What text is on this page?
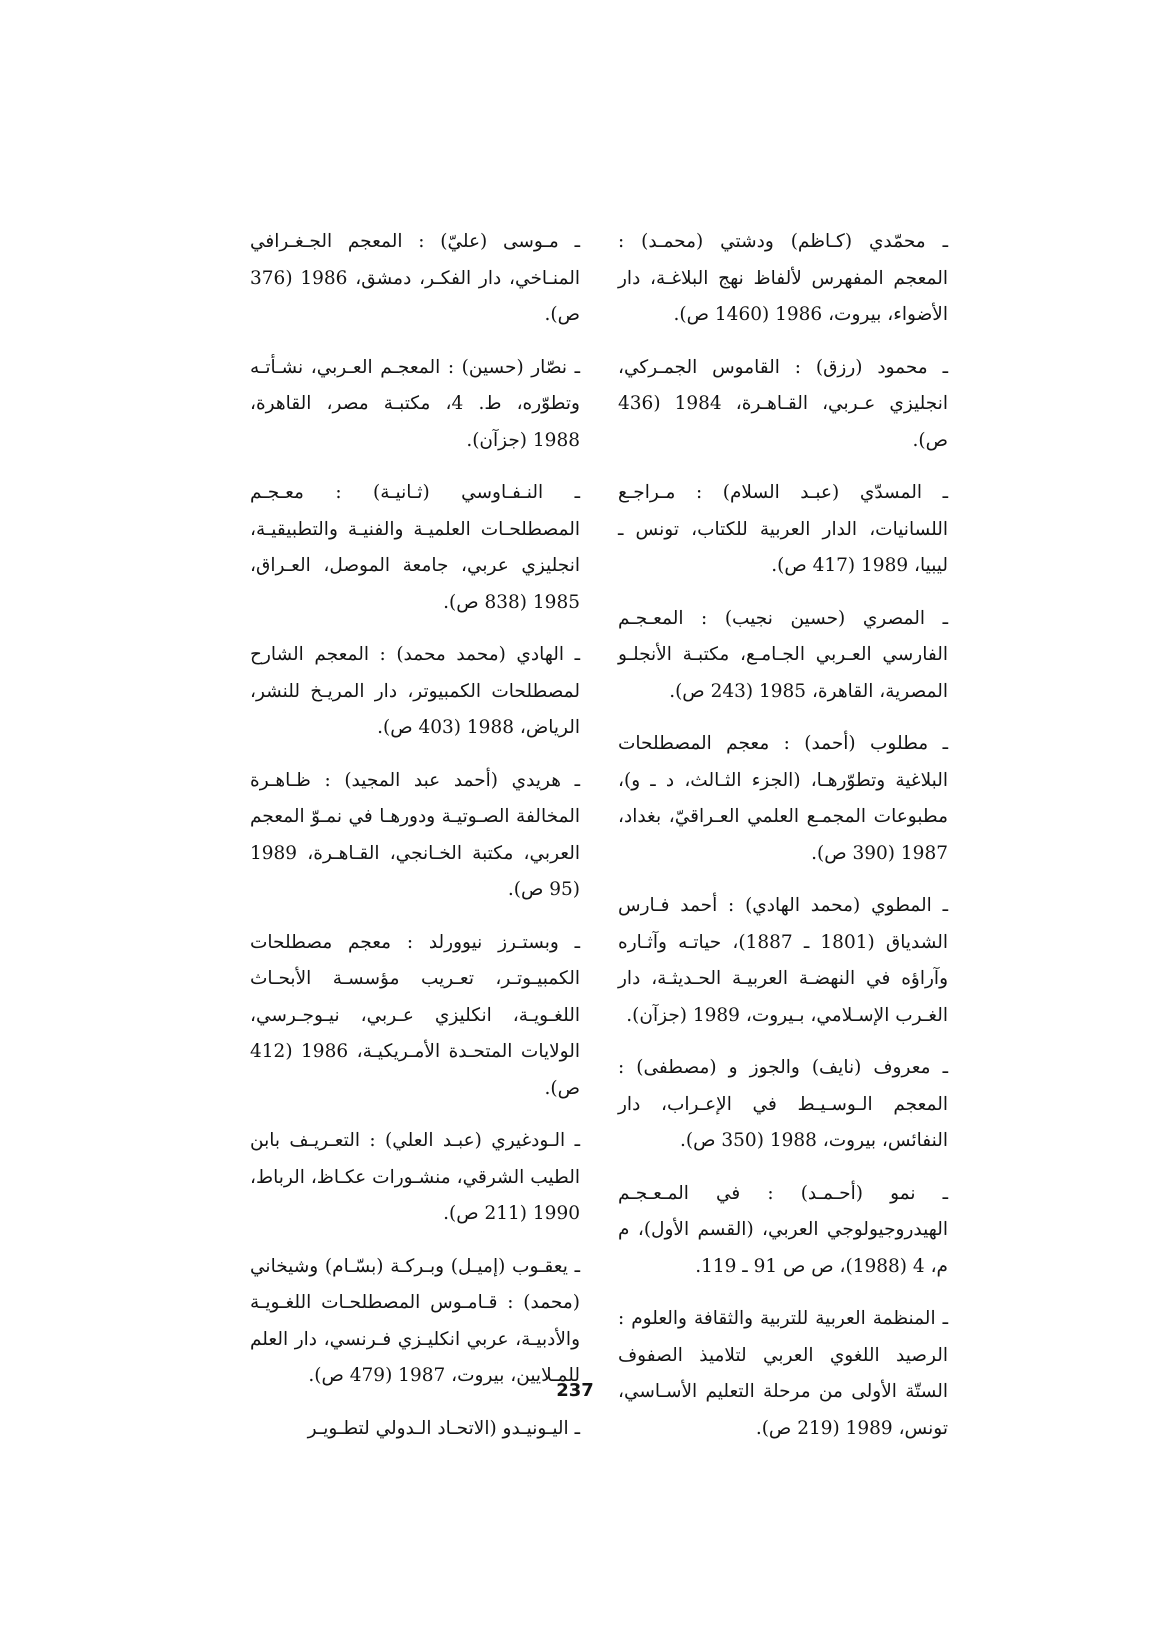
ـ محمّدي (كـاظم) ودشتي (محمـد) : المعجم المفهرس لألفاظ نهج البلاغـة، دار الأضواء، بيروت، 1986 (1460 ص).

ـ محمود (رزق) : القاموس الجمـركي، انجليزي عـربي، القـاهـرة، 1984 (436 ص).

ـ المسدّي (عبـد السلام) : مـراجـع اللسانيات، الدار العربية للكتاب، تونس ـ ليبيا، 1989 (417 ص).

ـ المصري (حسين نجيب) : المعـجـم الفارسي العـربي الجـامـع، مكتبـة الأنجلـو المصرية، القاهرة، 1985 (243 ص).

ـ مطلوب (أحمد) : معجم المصطلحات البلاغية وتطوّرهـا، (الجزء الثـالث، د ـ و)، مطبوعات المجمـع العلمي العـراقيّ، بغداد، 1987 (390 ص).

ـ المطوي (محمد الهادي) : أحمد فـارس الشدياق (1801 ـ 1887)، حياتـه وآثـاره وآراؤه في النهضـة العربيـة الحـديثـة، دار الغـرب الإسـلامي، بـيروت، 1989 (جزآن).

ـ معروف (نايف) والجوز و (مصطفى) : المعجم الـوسـيـط في الإعـراب، دار النفائس، بيروت، 1988 (350 ص).

ـ نمو (أحـمـد) : في المـعـجـم الهيدروجيولوجي العربي، (القسم الأول)، م م، 4 (1988)، ص ص 91 ـ 119.

ـ المنظمة العربية للتربية والثقافة والعلوم : الرصيد اللغوي العربي لتلاميذ الصفوف الستّة الأولى من مرحلة التعليم الأسـاسي، تونس، 1989 (219 ص).

ـ مـوسى (عليّ) : المعجم الجـغـرافي المنـاخي، دار الفكـر، دمشق، 1986 (376 ص).

ـ نصّار (حسين) : المعجـم العـربي، نشـأتـه وتطوّره، ط. 4، مكتبـة مصر، القاهرة، 1988 (جزآن).

ـ النـفـاوسي (ثـانيـة) : معـجـم المصطلحـات العلميـة والفنيـة والتطبيقيـة، انجليزي عربي، جامعة الموصل، العـراق، 1985 (838 ص).

ـ الهادي (محمد محمد) : المعجم الشارح لمصطلحات الكمبيوتر، دار المريـخ للنشر، الرياض، 1988 (403 ص).

ـ هريدي (أحمد عبد المجيد) : ظـاهـرة المخالفة الصـوتيـة ودورهـا في نمـوّ المعجم العربي، مكتبة الخـانجي، القـاهـرة، 1989 (95 ص).

ـ وبستـرز نيوورلد : معجم مصطلحات الكمبيـوتـر، تعـريب مؤسسـة الأبحـاث اللغـويـة، انكليزي عـربي، نيـوجـرسي، الولايات المتحـدة الأمـريكيـة، 1986 (412 ص).

ـ الـودغيري (عبـد العلي) : التعـريـف بابن الطيب الشرقي، منشـورات عكـاظ، الرباط، 1990 (211 ص).

ـ يعقـوب (إميـل) وبـركـة (بسّـام) وشيخاني (محمد) : قـامـوس المصطلحـات اللغـويـة والأدبيـة، عربي انكليـزي فـرنسي، دار العلم للمـلايين، بيروت، 1987 (479 ص).

ـ اليـونيـدو (الاتحـاد الـدولي لتطـويـر

237
